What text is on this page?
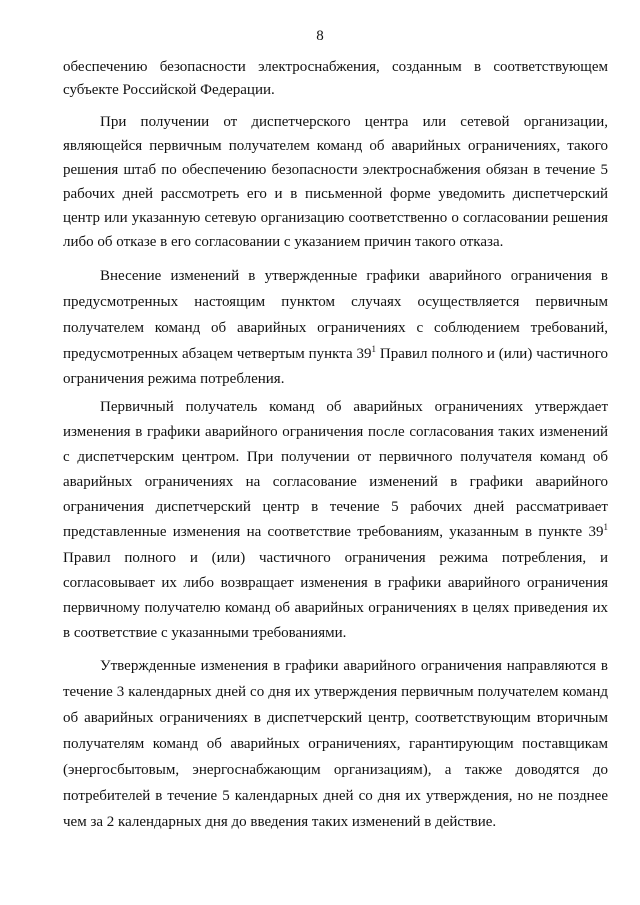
8
обеспечению безопасности электроснабжения, созданным в соответствующем
субъекте Российской Федерации.
При получении от диспетчерского центра или сетевой организации,
являющейся первичным получателем команд об аварийных ограничениях, такого
решения штаб по обеспечению безопасности электроснабжения обязан в течение 5
рабочих дней рассмотреть его и в письменной форме уведомить диспетчерский
центр или указанную сетевую организацию соответственно о согласовании решения
либо об отказе в его согласовании с указанием причин такого отказа.
Внесение изменений в утвержденные графики аварийного ограничения в
предусмотренных настоящим пунктом случаях осуществляется первичным
получателем команд об аварийных ограничениях с соблюдением требований,
предусмотренных абзацем четвертым пункта $39^1$ Правил полного и (или) частичного
ограничения режима потребления.
Первичный получатель команд об аварийных ограничениях утверждает
изменения в графики аварийного ограничения после согласования таких изменений
с диспетчерским центром. При получении от первичного получателя команд об
аварийных ограничениях на согласование изменений в графики аварийного
ограничения диспетчерский центр в течение 5 рабочих дней рассматривает
представленные изменения на соответствие требованиям, указанным в пункте $39^1$
Правил полного и (или) частичного ограничения режима потребления, и
согласовывает их либо возвращает изменения в графики аварийного ограничения
первичному получателю команд об аварийных ограничениях в целях приведения их
в соответствие с указанными требованиями.
Утвержденные изменения в графики аварийного ограничения направляются в
течение 3 календарных дней со дня их утверждения первичным получателем команд
об аварийных ограничениях в диспетчерский центр, соответствующим вторичным
получателям команд об аварийных ограничениях, гарантирующим поставщикам
(энергосбытовым, энергоснабжающим организациям), а также доводятся до
потребителей в течение 5 календарных дней со дня их утверждения, но не позднее
чем за 2 календарных дня до введения таких изменений в действие.
